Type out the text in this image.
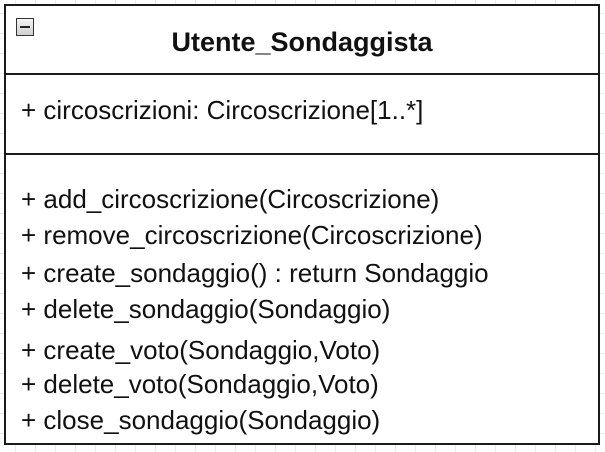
Utente_Sondaggista
+ circoscrizioni: Circoscrizione[1..*]
+ add_circoscrizione(Circoscrizione)
+ remove_circoscrizione(Circoscrizione)
+ create_sondaggio() : return Sondaggio
+ delete_sondaggio(Sondaggio)
+ create_voto(Sondaggio,Voto)
+ delete_voto(Sondaggio,Voto)
+ close_sondaggio(Sondaggio)
